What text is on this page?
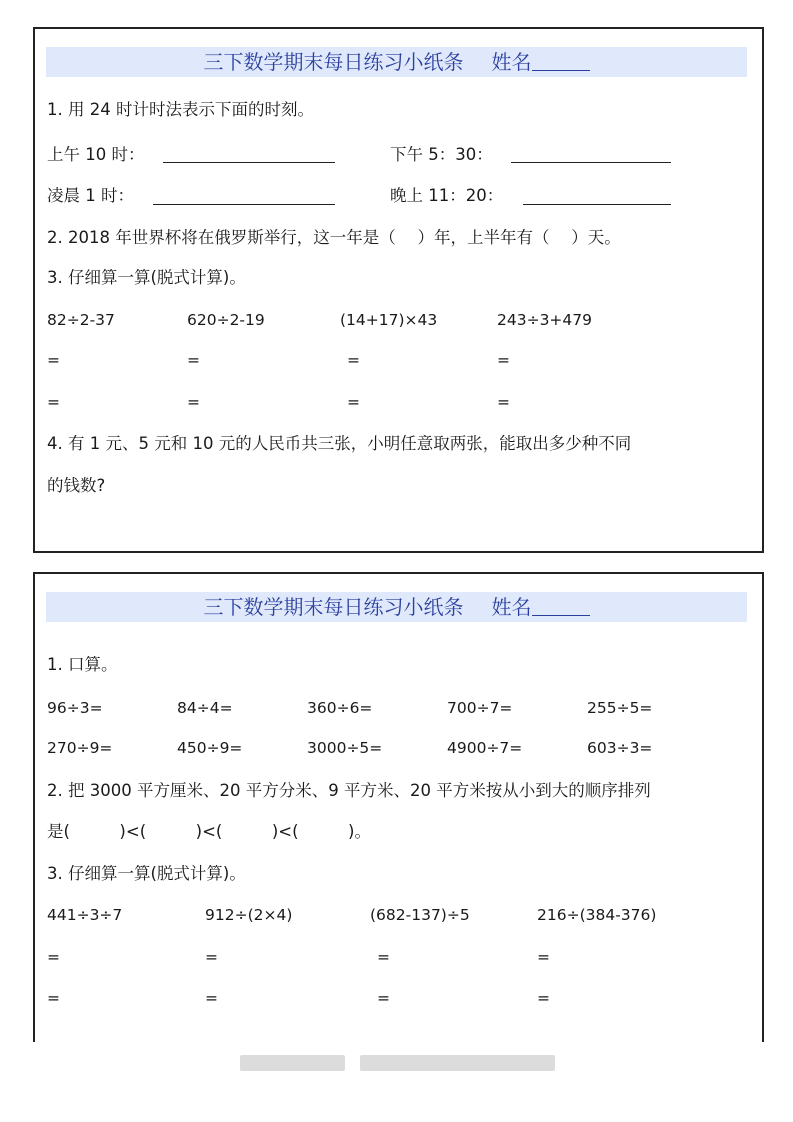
三下数学期末每日练习小纸条 姓名
1. 用 24 时计时法表示下面的时刻。
上午 10 时：	下午 5：30：
凌晨 1 时：	晚上 11：20：
2. 2018 年世界杯将在俄罗斯举行，这一年是（　 ）年，上半年有（　 ）天。
3. 仔细算一算(脱式计算)。
82÷2-37	620÷2-19	(14+17)×43	243÷3+479
=	=	=	=
=	=	=	=
4. 有 1 元、5 元和 10 元的人民币共三张，小明任意取两张，能取出多少种不同
的钱数?
三下数学期末每日练习小纸条 姓名
1. 口算。
96÷3=	84÷4=	360÷6=	700÷7=	255÷5=
270÷9=	450÷9=	3000÷5=	4900÷7=	603÷3=
2. 把 3000 平方厘米、20 平方分米、9 平方米、20 平方米按从小到大的顺序排列
是(　　　)<(　　　)<(　　　)<(　　　)。
3. 仔细算一算(脱式计算)。
441÷3÷7	912÷(2×4)	(682-137)÷5	216÷(384-376)
=	=	=	=
=	=	=	=
